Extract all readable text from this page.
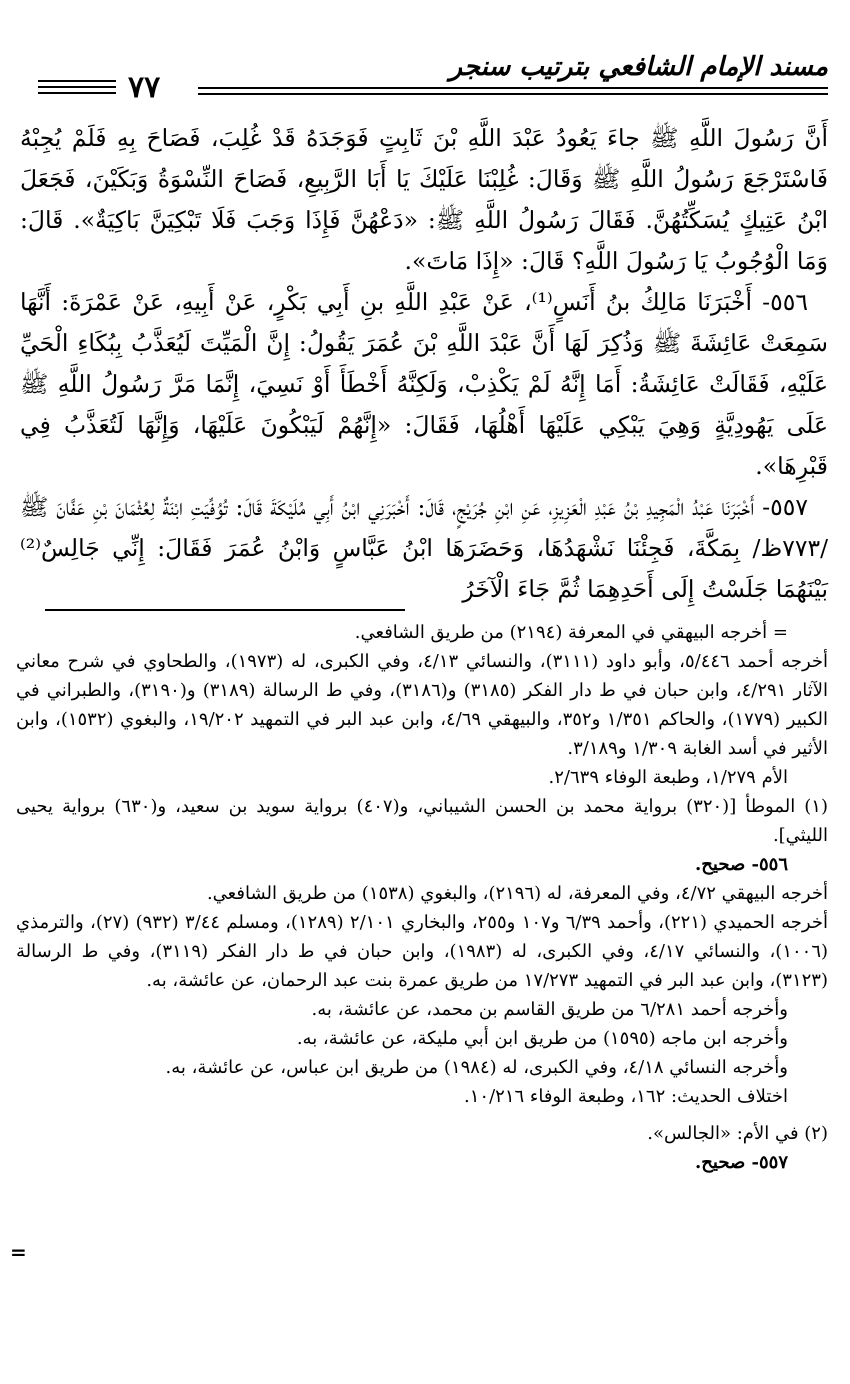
مسند الإمام الشافعي بترتيب سنجر
٧٧

أَنَّ رَسُولَ اللَّهِ ﷺ جاءَ يَعُودُ عَبْدَ اللَّهِ بْنَ ثَابِتٍ فَوَجَدَهُ قَدْ غُلِبَ، فَصَاحَ بِهِ فَلَمْ يُجِبْهُ فَاسْتَرْجَعَ رَسُولُ اللَّهِ ﷺ وَقَالَ: غُلِبْنَا عَلَيْكَ يَا أَبَا الرَّبِيعِ، فَصَاحَ النِّسْوَةُ وَبَكَيْنَ، فَجَعَلَ ابْنُ عَتِيكٍ يُسَكِّتُهُنَّ. فَقَالَ رَسُولُ اللَّهِ ﷺ: «دَعْهُنَّ فَإِذَا وَجَبَ فَلَا تَبْكِيَنَّ بَاكِيَةٌ». قَالَ: وَمَا الْوُجُوبُ يَا رَسُولَ اللَّهِ؟ قَالَ: «إِذَا مَاتَ».

٥٥٦- أَخْبَرَنَا مَالِكُ بنُ أَنَسٍ⁽¹⁾، عَنْ عَبْدِ اللَّهِ بنِ أَبِي بَكْرٍ، عَنْ أَبِيهِ، عَنْ عَمْرَةَ: أَنَّهَا سَمِعَتْ عَائِشَةَ ﷺ وَذُكِرَ لَهَا أَنَّ عَبْدَ اللَّهِ بْنَ عُمَرَ يَقُولُ: إِنَّ الْمَيِّتَ لَيُعَذَّبُ بِبُكَاءِ الْحَيِّ عَلَيْهِ، فَقَالَتْ عَائِشَةُ: أَمَا إِنَّهُ لَمْ يَكْذِبْ، وَلَكِنَّهُ أَخْطَأَ أَوْ نَسِيَ، إِنَّمَا مَرَّ رَسُولُ اللَّهِ ﷺ عَلَى يَهُودِيَّةٍ وَهِيَ يَبْكِي عَلَيْهَا أَهْلُهَا، فَقَالَ: «إِنَّهُمْ لَيَبْكُونَ عَلَيْهَا، وَإِنَّهَا لَتُعَذَّبُ فِي قَبْرِهَا».

٥٥٧- أَخْبَرَنَا عَبْدُ الْمَجِيدِ بْنُ عَبْدِ الْعَزِيزِ، عَنِ ابْنِ جُرَيْجٍ، قَالَ: أَخْبَرَنِي ابْنُ أَبِي مُلَيْكَةَ قَالَ: تُوُفِّيَتِ ابْنَةٌ لِعُثْمَانَ بْنِ عَفَّانَ ﷺ /٧٧٣ظ/ بِمَكَّةَ، فَجِئْنَا نَشْهَدُهَا، وَحَضَرَهَا ابْنُ عَبَّاسٍ وَابْنُ عُمَرَ فَقَالَ: إِنِّي جَالِسٌ⁽²⁾ بَيْنَهُمَا جَلَسْتُ إِلَى أَحَدِهِمَا ثُمَّ جَاءَ الْآخَرُ

= أخرجه البيهقي في المعرفة (٢١٩٤) من طريق الشافعي.

أخرجه أحمد ٥/٤٤٦، وأبو داود (٣١١١)، والنسائي ٤/١٣، وفي الكبرى، له (١٩٧٣)، والطحاوي في شرح معاني الآثار ٤/٢٩١، وابن حبان في ط دار الفكر (٣١٨٥) و(٣١٨٦)، وفي ط الرسالة (٣١٨٩) و(٣١٩٠)، والطبراني في الكبير (١٧٧٩)، والحاكم ١/٣٥١ و٣٥٢، والبيهقي ٤/٦٩، وابن عبد البر في التمهيد ١٩/٢٠٢، والبغوي (١٥٣٢)، وابن الأثير في أسد الغابة ١/٣٠٩ و٣/١٨٩.

الأم ١/٢٧٩، وطبعة الوفاء ٢/٦٣٩.

(١) الموطأ [(٣٢٠) برواية محمد بن الحسن الشيباني، و(٤٠٧) برواية سويد بن سعيد، و(٦٣٠) برواية يحيى الليثي].

٥٥٦- صحيح.

أخرجه البيهقي ٤/٧٢، وفي المعرفة، له (٢١٩٦)، والبغوي (١٥٣٨) من طريق الشافعي.

أخرجه الحميدي (٢٢١)، وأحمد ٦/٣٩ و١٠٧ و٢٥٥، والبخاري ٢/١٠١ (١٢٨٩)، ومسلم ٣/٤٤ (٩٣٢) (٢٧)، والترمذي (١٠٠٦)، والنسائي ٤/١٧، وفي الكبرى، له (١٩٨٣)، وابن حبان في ط دار الفكر (٣١١٩)، وفي ط الرسالة (٣١٢٣)، وابن عبد البر في التمهيد ١٧/٢٧٣ من طريق عمرة بنت عبد الرحمان، عن عائشة، به.

وأخرجه أحمد ٦/٢٨١ من طريق القاسم بن محمد، عن عائشة، به.

وأخرجه ابن ماجه (١٥٩٥) من طريق ابن أبي مليكة، عن عائشة، به.

وأخرجه النسائي ٤/١٨، وفي الكبرى، له (١٩٨٤) من طريق ابن عباس، عن عائشة، به.

اختلاف الحديث: ١٦٢، وطبعة الوفاء ١٠/٢١٦.

(٢) في الأم: «الجالس».

٥٥٧- صحيح.

=
